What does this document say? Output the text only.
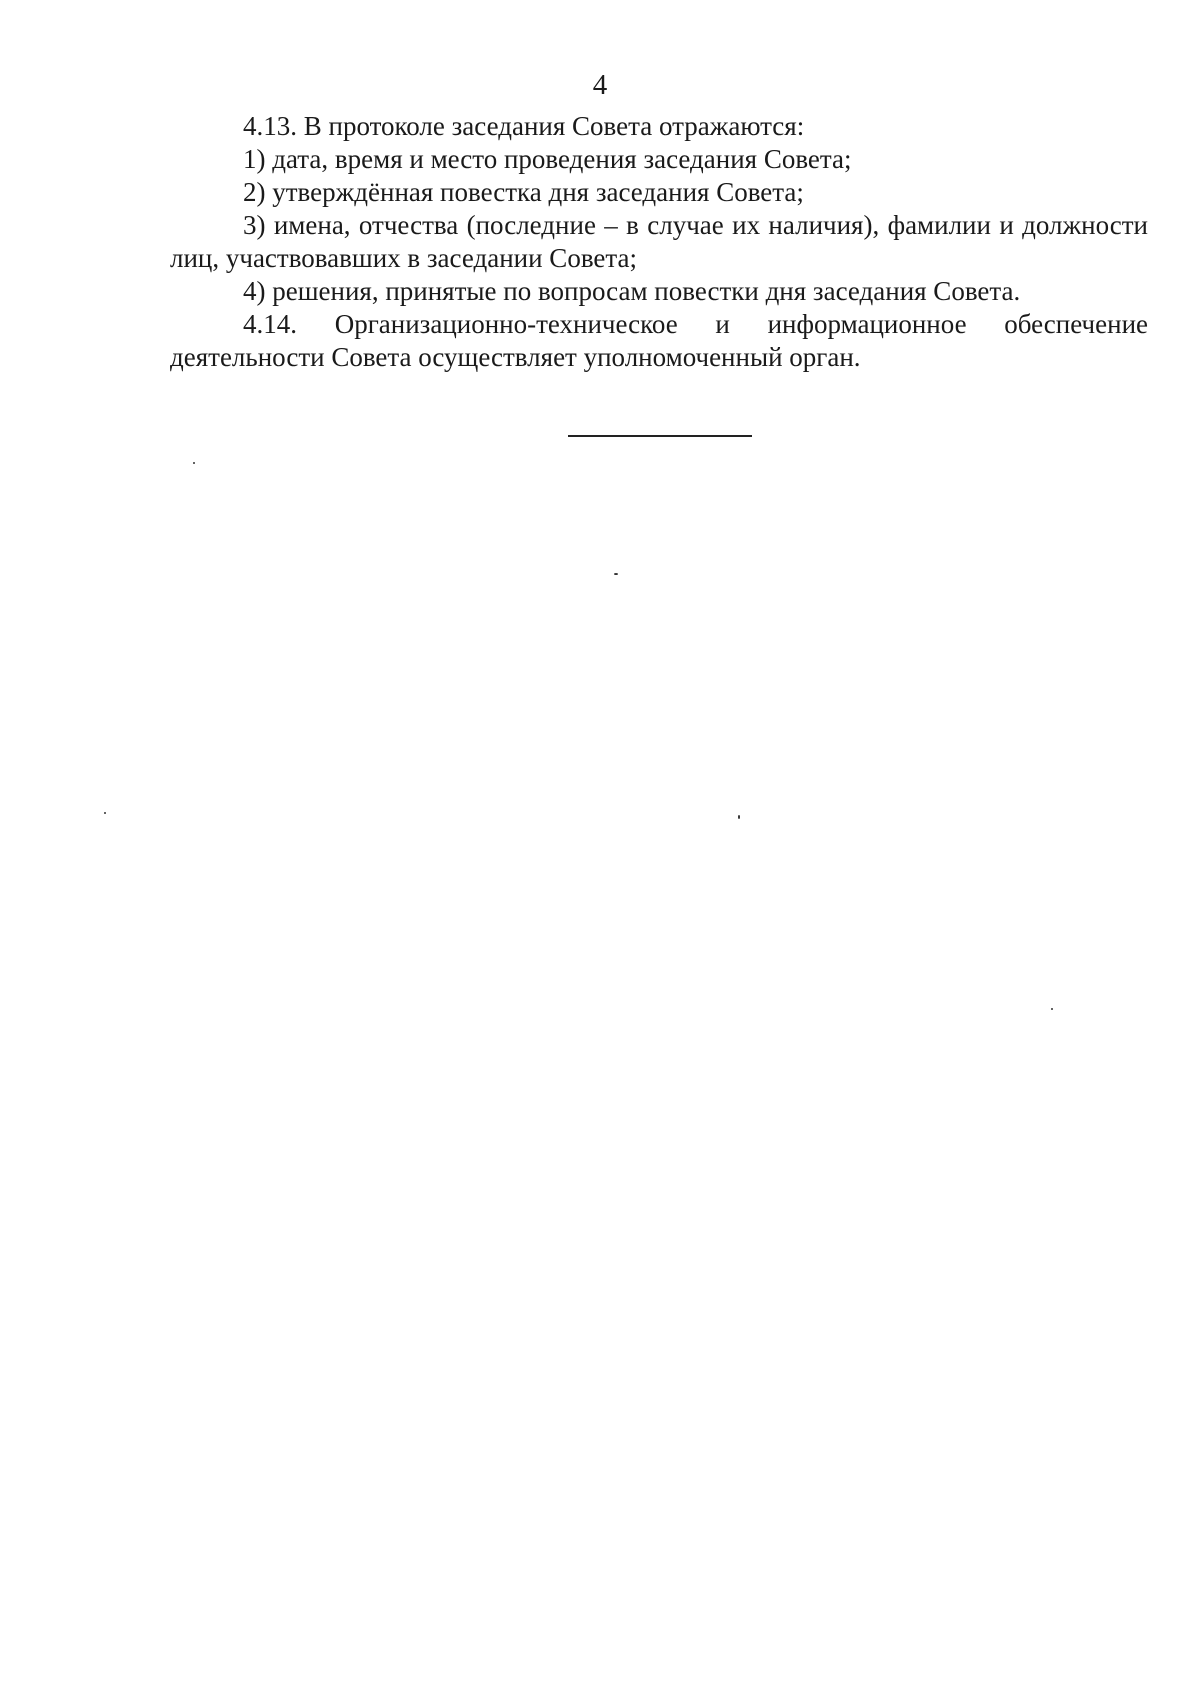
4

4.13. В протоколе заседания Совета отражаются:

1) дата, время и место проведения заседания Совета;

2) утверждённая повестка дня заседания Совета;

3) имена, отчества (последние – в случае их наличия), фамилии и должности лиц, участвовавших в заседании Совета;

4) решения, принятые по вопросам повестки дня заседания Совета.

4.14. Организационно-техническое и информационное обеспечение деятельности Совета осуществляет уполномоченный орган.
